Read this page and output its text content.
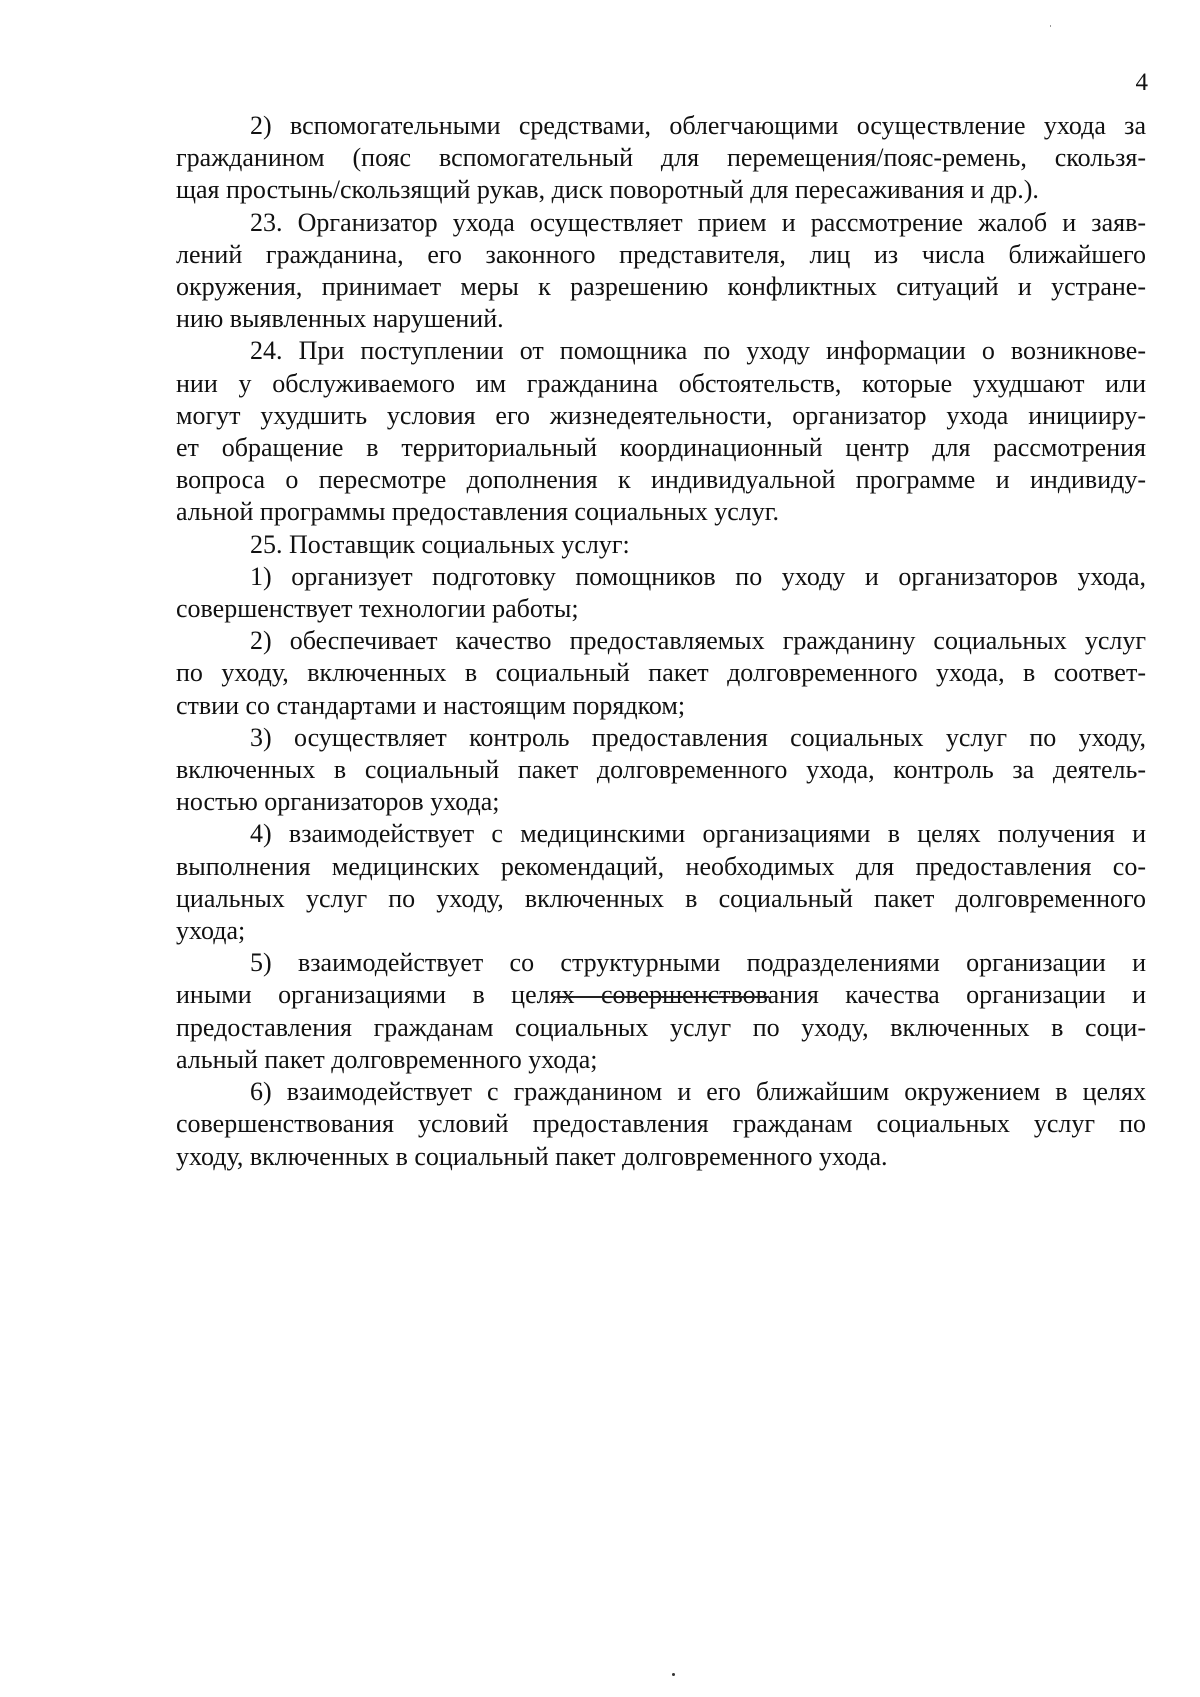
4
2) вспомогательными средствами, облегчающими осуществление ухода за
гражданином (пояс вспомогательный для перемещения/пояс-ремень, скользя-
щая простынь/скользящий рукав, диск поворотный для пересаживания и др.).
23. Организатор ухода осуществляет прием и рассмотрение жалоб и заяв-
лений гражданина, его законного представителя, лиц из числа ближайшего
окружения, принимает меры к разрешению конфликтных ситуаций и устране-
нию выявленных нарушений.
24. При поступлении от помощника по уходу информации о возникнове-
нии у обслуживаемого им гражданина обстоятельств, которые ухудшают или
могут ухудшить условия его жизнедеятельности, организатор ухода иницииру-
ет обращение в территориальный координационный центр для рассмотрения
вопроса о пересмотре дополнения к индивидуальной программе и индивиду-
альной программы предоставления социальных услуг.
25. Поставщик социальных услуг:
1) организует подготовку помощников по уходу и организаторов ухода,
совершенствует технологии работы;
2) обеспечивает качество предоставляемых гражданину социальных услуг
по уходу, включенных в социальный пакет долговременного ухода, в соответ-
ствии со стандартами и настоящим порядком;
3) осуществляет контроль предоставления социальных услуг по уходу,
включенных в социальный пакет долговременного ухода, контроль за деятель-
ностью организаторов ухода;
4) взаимодействует с медицинскими организациями в целях получения и
выполнения медицинских рекомендаций, необходимых для предоставления со-
циальных услуг по уходу, включенных в социальный пакет долговременного
ухода;
5) взаимодействует со структурными подразделениями организации и
иными организациями в целях совершенствования качества организации и
предоставления гражданам социальных услуг по уходу, включенных в соци-
альный пакет долговременного ухода;
6) взаимодействует с гражданином и его ближайшим окружением в целях
совершенствования условий предоставления гражданам социальных услуг по
уходу, включенных в социальный пакет долговременного ухода.
